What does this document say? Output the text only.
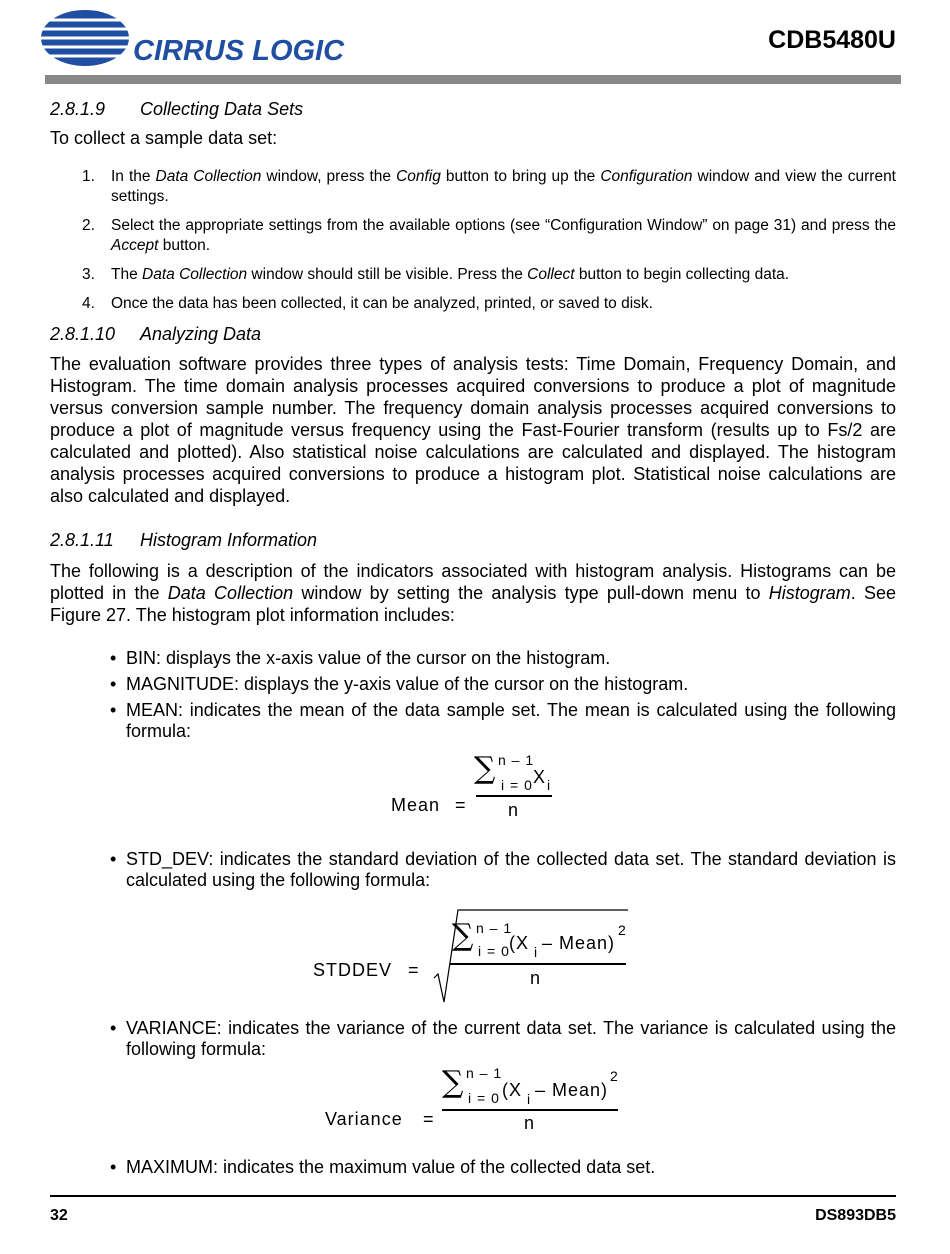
CIRRUS LOGIC	CDB5480U
2.8.1.9 Collecting Data Sets

To collect a sample data set:

1.	In the Data Collection window, press the Config button to bring up the Configuration window and view the current settings.
2.	Select the appropriate settings from the available options (see “Configuration Window” on page 31) and press the Accept button.
3.	The Data Collection window should still be visible. Press the Collect button to begin collecting data.
4.	Once the data has been collected, it can be analyzed, printed, or saved to disk.
2.8.1.10 Analyzing Data

The evaluation software provides three types of analysis tests: Time Domain, Frequency Domain, and Histogram. The time domain analysis processes acquired conversions to produce a plot of magnitude versus conversion sample number. The frequency domain analysis processes acquired conversions to produce a plot of magnitude versus frequency using the Fast-Fourier transform (results up to Fs/2 are calculated and plotted). Also statistical noise calculations are calculated and displayed. The histogram analysis processes acquired conversions to produce a histogram plot. Statistical noise calculations are also calculated and displayed.

2.8.1.11 Histogram Information

The following is a description of the indicators associated with histogram analysis. Histograms can be plotted in the Data Collection window by setting the analysis type pull-down menu to Histogram. See Figure 27. The histogram plot information includes:

• BIN: displays the x-axis value of the cursor on the histogram.
• MAGNITUDE: displays the y-axis value of the cursor on the histogram.
• MEAN: indicates the mean of the data sample set. The mean is calculated using the following formula:
Mean =
n – 1
∑ i = 0 X i
n
• STD_DEV: indicates the standard deviation of the collected data set. The standard deviation is calculated using the following formula:
STDDEV =
n – 1
∑ i = 0 (X i – Mean)
2
n
• VARIANCE: indicates the variance of the current data set. The variance is calculated using the following formula:
Variance =
n – 1
∑ i = 0 (X i – Mean)
2
n
• MAXIMUM: indicates the maximum value of the collected data set.
32	DS893DB5
